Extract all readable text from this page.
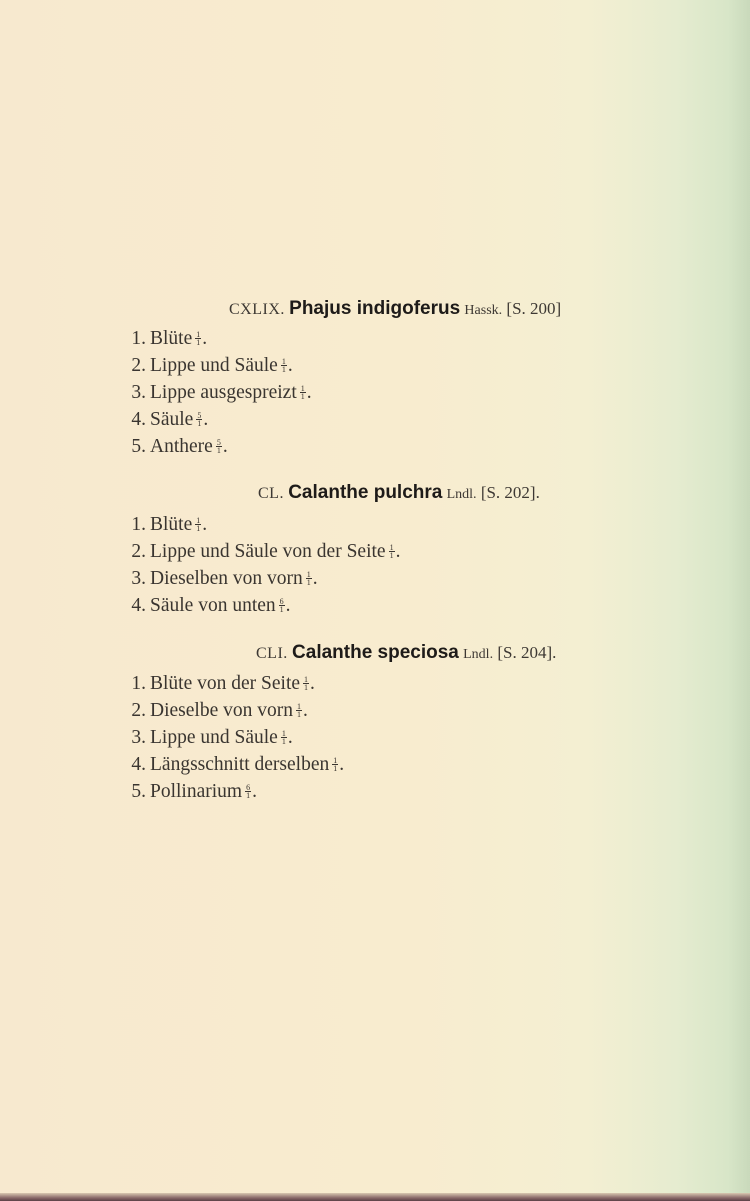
CXLIX. Phajus indigoferus Hassk. [S. 200]
1. Blüte $\frac{1}{1}$ .
2. Lippe und Säule $\frac{1}{1}$ .
3. Lippe ausgespreizt $\frac{1}{1}$ .
4. Säule $\frac{5}{1}$ .
5. Anthere $\frac{5}{1}$ .
CL. Calanthe pulchra Lndl. [S. 202].
1. Blüte $\frac{1}{1}$ .
2. Lippe und Säule von der Seite $\frac{1}{1}$ .
3. Dieselben von vorn $\frac{1}{1}$ .
4. Säule von unten $\frac{6}{1}$ .
CLI. Calanthe speciosa Lndl. [S. 204].
1. Blüte von der Seite $\frac{1}{1}$ .
2. Dieselbe von vorn $\frac{1}{1}$ .
3. Lippe und Säule $\frac{1}{1}$ .
4. Längsschnitt derselben $\frac{1}{1}$ .
5. Pollinarium $\frac{6}{1}$ .
